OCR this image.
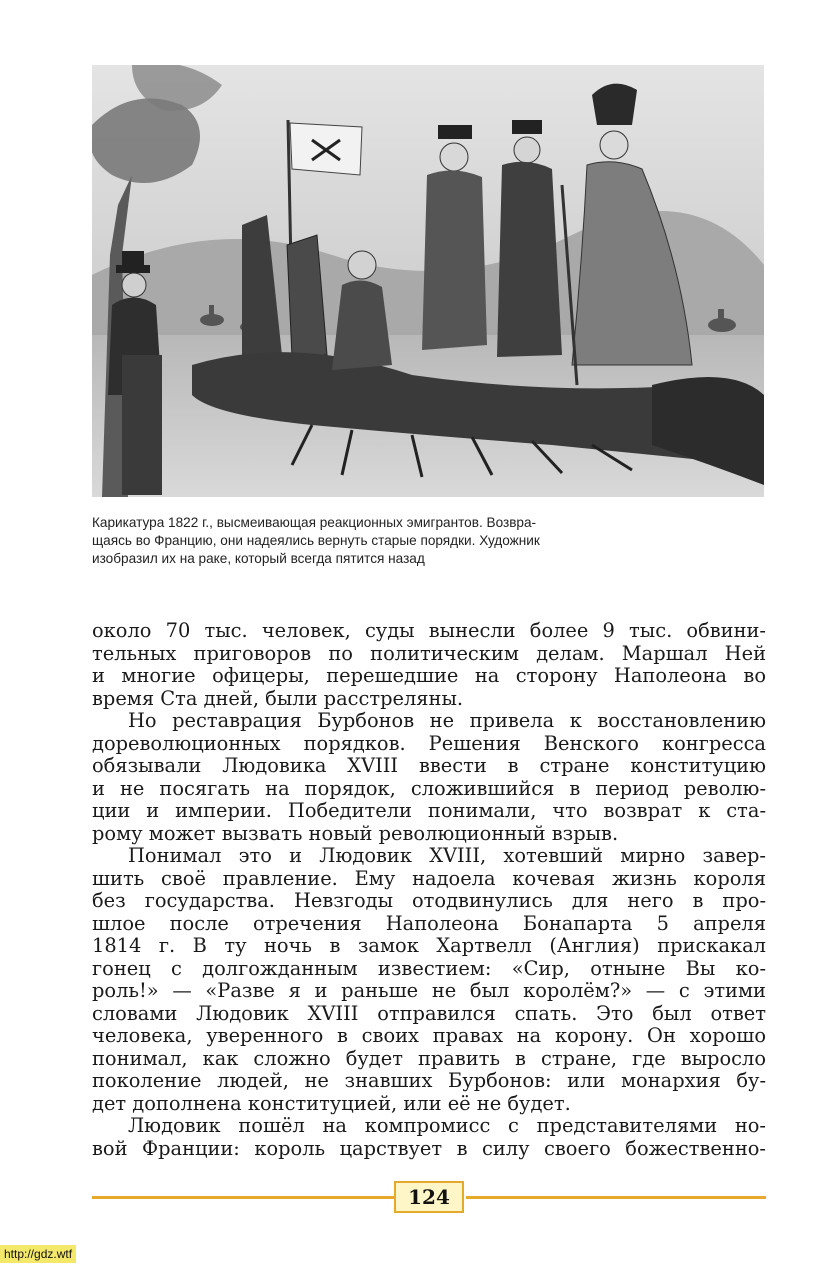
Карикатура 1822 г., высмеивающая реакционных эмигрантов. Возвра-
щаясь во Францию, они надеялись вернуть старые порядки. Художник
изобразил их на раке, который всегда пятится назад

около 70 тыс. человек, суды вынесли более 9 тыс. обвини-
тельных приговоров по политическим делам. Маршал Ней
и многие офицеры, перешедшие на сторону Наполеона во
время Ста дней, были расстреляны.
Но реставрация Бурбонов не привела к восстановлению
дореволюционных порядков. Решения Венского конгресса
обязывали Людовика XVIII ввести в стране конституцию
и не посягать на порядок, сложившийся в период револю-
ции и империи. Победители понимали, что возврат к ста-
рому может вызвать новый революционный взрыв.
Понимал это и Людовик XVIII, хотевший мирно завер-
шить своё правление. Ему надоела кочевая жизнь короля
без государства. Невзгоды отодвинулись для него в про-
шлое после отречения Наполеона Бонапарта 5 апреля
1814 г. В ту ночь в замок Хартвелл (Англия) прискакал
гонец с долгожданным известием: «Сир, отныне Вы ко-
роль!» — «Разве я и раньше не был королём?» — с этими
словами Людовик XVIII отправился спать. Это был ответ
человека, уверенного в своих правах на корону. Он хорошо
понимал, как сложно будет править в стране, где выросло
поколение людей, не знавших Бурбонов: или монархия бу-
дет дополнена конституцией, или её не будет.
Людовик пошёл на компромисс с представителями но-
вой Франции: король царствует в силу своего божественно-
124
http://gdz.wtf
